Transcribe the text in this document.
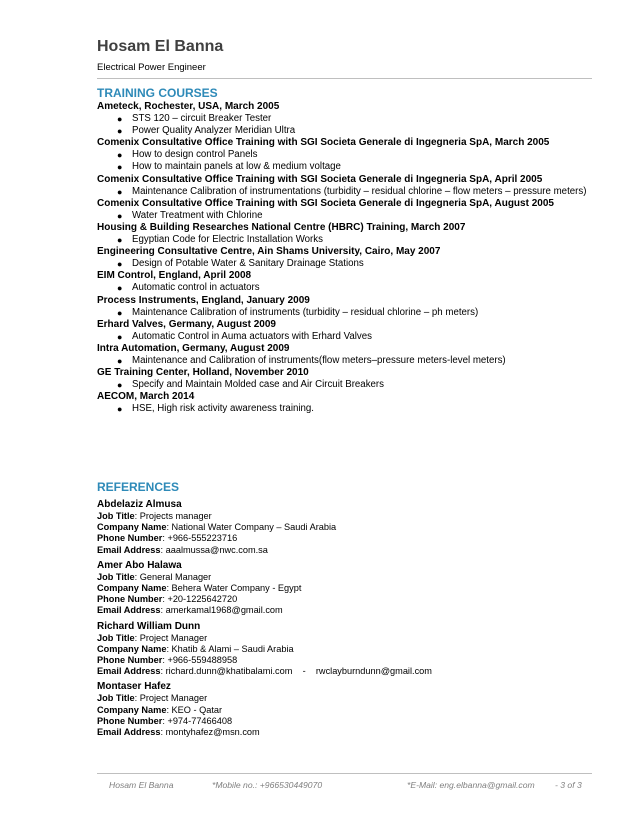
Hosam El Banna
Electrical Power Engineer
TRAINING COURSES
Ameteck, Rochester, USA, March 2005
● STS 120 – circuit Breaker Tester
● Power Quality Analyzer Meridian Ultra
Comenix Consultative Office Training with SGI Societa Generale di Ingegneria SpA, March 2005
● How to design control Panels
● How to maintain panels at low & medium voltage
Comenix Consultative Office Training with SGI Societa Generale di Ingegneria SpA, April 2005
● Maintenance Calibration of instrumentations (turbidity – residual chlorine – flow meters – pressure meters)
Comenix Consultative Office Training with SGI Societa Generale di Ingegneria SpA, August 2005
● Water Treatment with Chlorine
Housing & Building Researches National Centre (HBRC) Training, March 2007
● Egyptian Code for Electric Installation Works
Engineering Consultative Centre, Ain Shams University, Cairo, May 2007
● Design of Potable Water & Sanitary Drainage Stations
EIM Control, England, April 2008
● Automatic control in actuators
Process Instruments, England, January 2009
● Maintenance Calibration of instruments (turbidity – residual chlorine – ph meters)
Erhard Valves, Germany, August 2009
● Automatic Control in Auma actuators with Erhard Valves
Intra Automation, Germany, August 2009
● Maintenance and Calibration of instruments(flow meters–pressure meters-level meters)
GE Training Center, Holland, November 2010
● Specify and Maintain Molded case and Air Circuit Breakers
AECOM, March 2014
● HSE, High risk activity awareness training.
REFERENCES
Abdelaziz Almusa
Job Title: Projects manager
Company Name: National Water Company – Saudi Arabia
Phone Number: +966-555223716
Email Address: aaalmussa@nwc.com.sa
Amer Abo Halawa
Job Title: General Manager
Company Name: Behera Water Company - Egypt
Phone Number: +20-1225642720
Email Address: amerkamal1968@gmail.com
Richard William Dunn
Job Title: Project Manager
Company Name: Khatib & Alami – Saudi Arabia
Phone Number: +966-559488958
Email Address: richard.dunn@khatibalami.com    -    rwclayburndunn@gmail.com
Montaser Hafez
Job Title: Project Manager
Company Name: KEO - Qatar
Phone Number: +974-77466408
Email Address: montyhafez@msn.com
Hosam El Banna	*Mobile no.: +966530449070	*E-Mail: eng.elbanna@gmail.com - 3 of 3
